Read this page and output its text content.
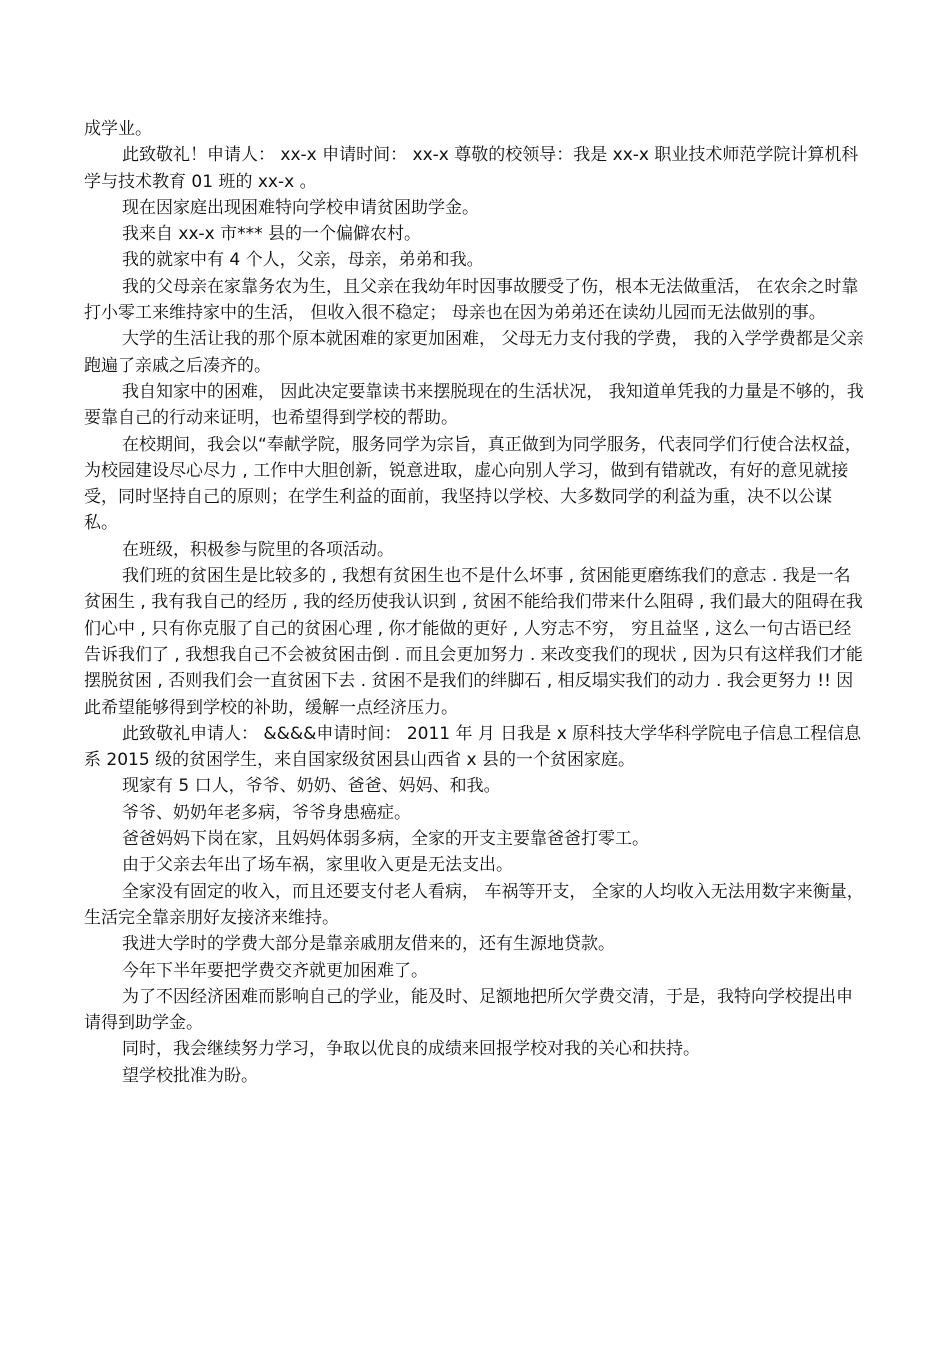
成学业。

此致敬礼！申请人： xx-x 申请时间： xx-x 尊敬的校领导：我是 xx-x 职业技术师范学院计算机科学与技术教育 01 班的 xx-x 。

现在因家庭出现困难特向学校申请贫困助学金。

我来自 xx-x 市*** 县的一个偏僻农村。

我的就家中有 4 个人，父亲，母亲，弟弟和我。

我的父母亲在家靠务农为生，且父亲在我幼年时因事故腰受了伤，根本无法做重活， 在农余之时靠打小零工来维持家中的生活， 但收入很不稳定； 母亲也在因为弟弟还在读幼儿园而无法做别的事。

大学的生活让我的那个原本就困难的家更加困难， 父母无力支付我的学费， 我的入学学费都是父亲跑遍了亲戚之后凑齐的。

我自知家中的困难， 因此决定要靠读书来摆脱现在的生活状况， 我知道单凭我的力量是不够的，我要靠自己的行动来证明，也希望得到学校的帮助。

在校期间，我会以“奉献学院，服务同学为宗旨，真正做到为同学服务，代表同学们行使合法权益，为校园建设尽心尽力 , 工作中大胆创新，锐意进取，虚心向别人学习，做到有错就改，有好的意见就接受，同时坚持自己的原则；在学生利益的面前，我坚持以学校、大多数同学的利益为重，决不以公谋私。

在班级，积极参与院里的各项活动。

我们班的贫困生是比较多的 , 我想有贫困生也不是什么坏事 , 贫困能更磨练我们的意志 . 我是一名贫困生 , 我有我自己的经历 , 我的经历使我认识到 , 贫困不能给我们带来什么阻碍 , 我们最大的阻碍在我们心中 , 只有你克服了自己的贫困心理 , 你才能做的更好 , 人穷志不穷， 穷且益坚 , 这么一句古语已经告诉我们了 , 我想我自己不会被贫困击倒 . 而且会更加努力 . 来改变我们的现状 , 因为只有这样我们才能摆脱贫困 , 否则我们会一直贫困下去 . 贫困不是我们的绊脚石 , 相反塌实我们的动力 . 我会更努力 !! 因此希望能够得到学校的补助，缓解一点经济压力。

此致敬礼申请人： &&&&申请时间： 2011 年 月 日我是 x 原科技大学华科学院电子信息工程信息系 2015 级的贫困学生，来自国家级贫困县山西省 x 县的一个贫困家庭。

现家有 5 口人，爷爷、奶奶、爸爸、妈妈、和我。

爷爷、奶奶年老多病，爷爷身患癌症。

爸爸妈妈下岗在家，且妈妈体弱多病，全家的开支主要靠爸爸打零工。

由于父亲去年出了场车祸，家里收入更是无法支出。

全家没有固定的收入，而且还要支付老人看病， 车祸等开支， 全家的人均收入无法用数字来衡量，生活完全靠亲朋好友接济来维持。

我进大学时的学费大部分是靠亲戚朋友借来的，还有生源地贷款。

今年下半年要把学费交齐就更加困难了。

为了不因经济困难而影响自己的学业，能及时、足额地把所欠学费交清，于是，我特向学校提出申请得到助学金。

同时，我会继续努力学习，争取以优良的成绩来回报学校对我的关心和扶持。

望学校批准为盼。
